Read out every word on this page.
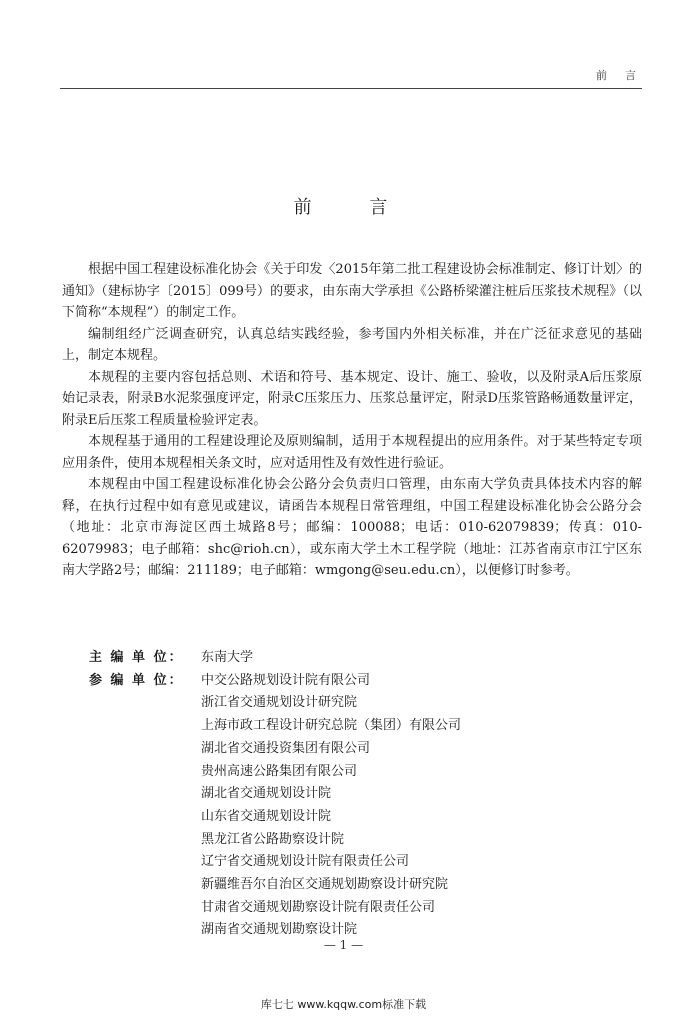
前言
前 言

根据中国工程建设标准化协会《关于印发〈2015年第二批工程建设协会标准制定、修订计划〉的通知》（建标协字〔2015〕099号）的要求，由东南大学承担《公路桥梁灌注桩后压浆技术规程》（以下简称“本规程”）的制定工作。

编制组经广泛调查研究，认真总结实践经验，参考国内外相关标准，并在广泛征求意见的基础上，制定本规程。

本规程的主要内容包括总则、术语和符号、基本规定、设计、施工、验收，以及附录A后压浆原始记录表，附录B水泥浆强度评定，附录C压浆压力、压浆总量评定，附录D压浆管路畅通数量评定，附录E后压浆工程质量检验评定表。

本规程基于通用的工程建设理论及原则编制，适用于本规程提出的应用条件。对于某些特定专项应用条件，使用本规程相关条文时，应对适用性及有效性进行验证。

本规程由中国工程建设标准化协会公路分会负责归口管理，由东南大学负责具体技术内容的解释，在执行过程中如有意见或建议，请函告本规程日常管理组，中国工程建设标准化协会公路分会（地址：北京市海淀区西土城路8号；邮编：100088；电话：010-62079839；传真：010-62079983；电子邮箱：shc@rioh.cn），或东南大学土木工程学院（地址：江苏省南京市江宁区东南大学路2号；邮编：211189；电子邮箱：wmgong@seu.edu.cn），以便修订时参考。

主 编 单 位：	东南大学
参 编 单 位：	中交公路规划设计院有限公司
浙江省交通规划设计研究院
上海市政工程设计研究总院（集团）有限公司
湖北省交通投资集团有限公司
贵州高速公路集团有限公司
湖北省交通规划设计院
山东省交通规划设计院
黑龙江省公路勘察设计院
辽宁省交通规划设计院有限责任公司
新疆维吾尔自治区交通规划勘察设计研究院
甘肃省交通规划勘察设计院有限责任公司
湖南省交通规划勘察设计院
— 1 —
库七七 www.kqqw.com标准下载
